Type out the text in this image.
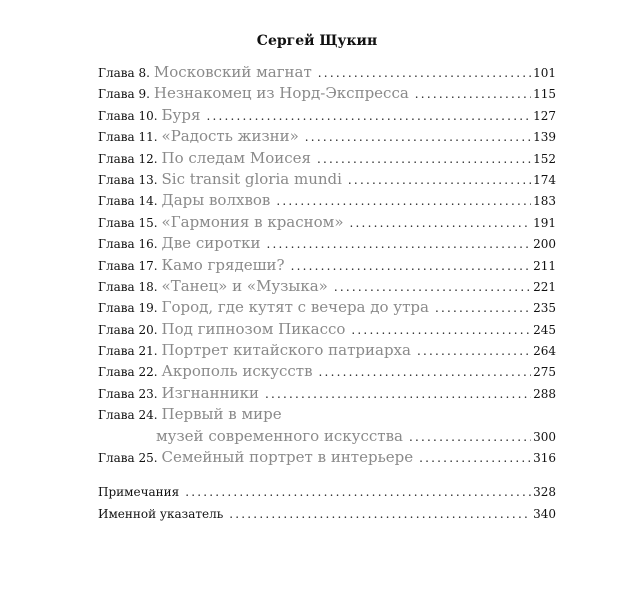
Сергей Щукин
Глава 8. Московский магнат .....	101
Глава 9. Незнакомец из Норд-Экспресса .....	115
Глава 10. Буря .....	127
Глава 11. «Радость жизни» .....	139
Глава 12. По следам Моисея .....	152
Глава 13. Sic transit gloria mundi .....	174
Глава 14. Дары волхвов .....	183
Глава 15. «Гармония в красном» .....	191
Глава 16. Две сиротки .....	200
Глава 17. Камо грядеши? .....	211
Глава 18. «Танец» и «Музыка» .....	221
Глава 19. Город, где кутят с вечера до утра .....	235
Глава 20. Под гипнозом Пикассо .....	245
Глава 21. Портрет китайского патриарха .....	264
Глава 22. Акрополь искусств .....	275
Глава 23. Изгнанники .....	288
Глава 24. Первый в мире
музей современного искусства .....	300
Глава 25. Семейный портрет в интерьере .....	316
Примечания .....	328
Именной указатель .....	340
